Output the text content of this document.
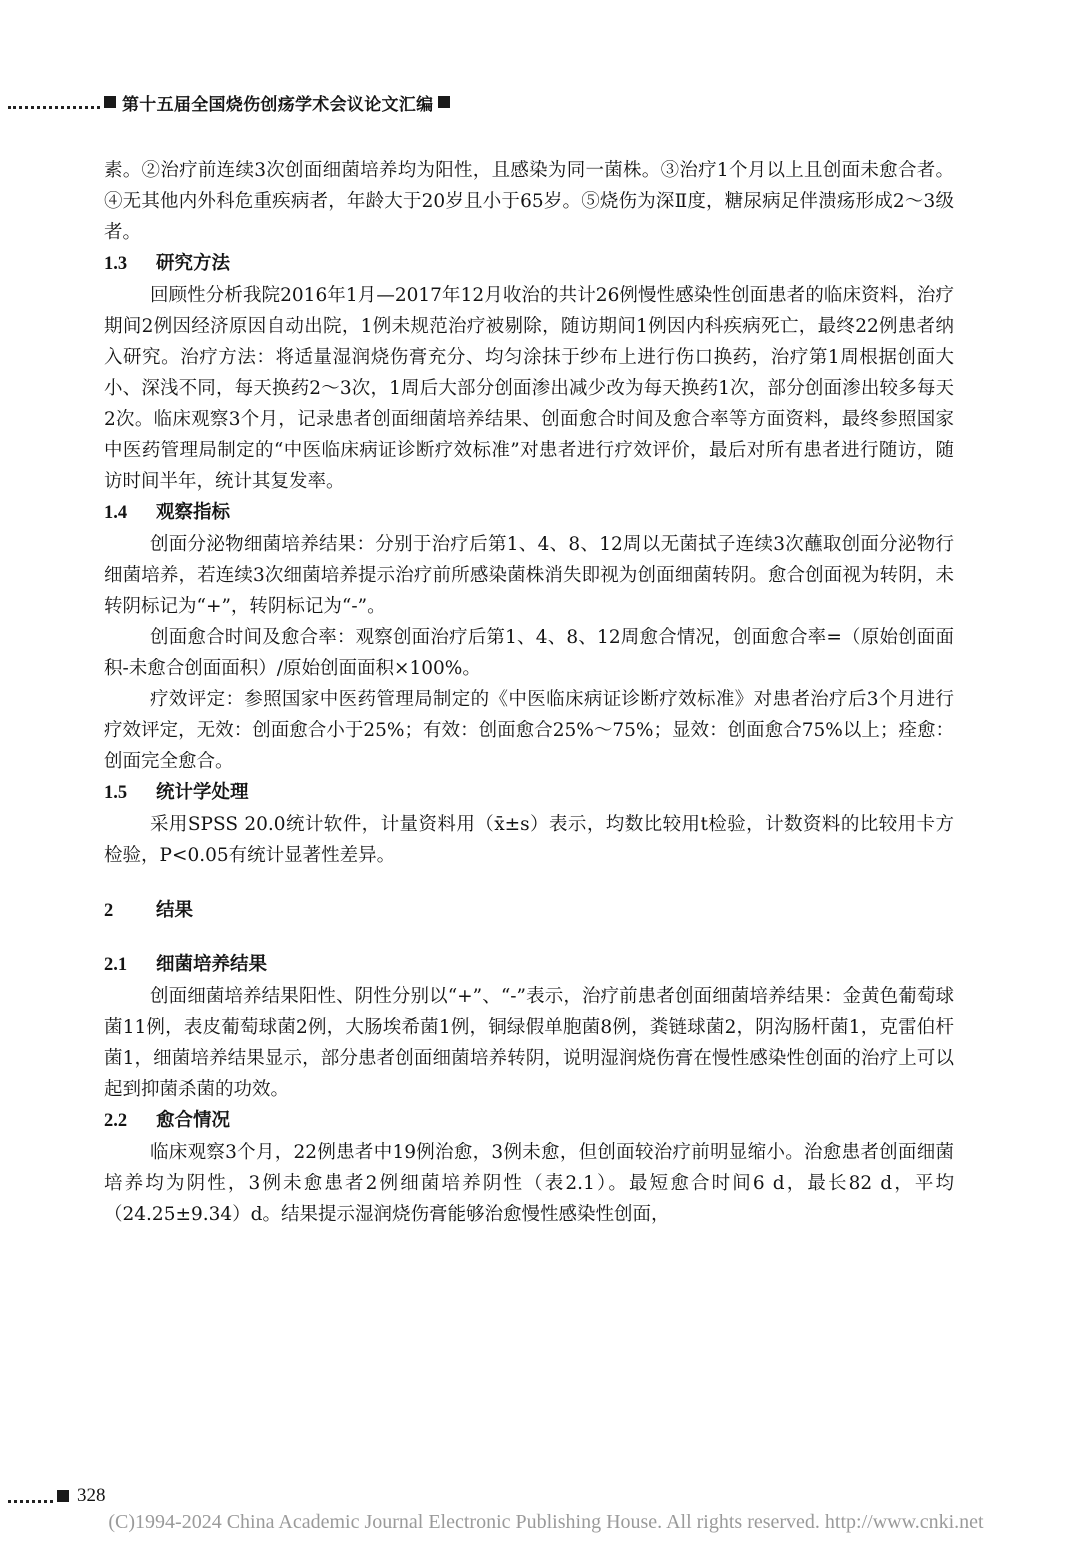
第十五届全国烧伤创疡学术会议论文汇编

素。②治疗前连续3次创面细菌培养均为阳性，且感染为同一菌株。③治疗1个月以上且创面未愈合者。④无其他内外科危重疾病者，年龄大于20岁且小于65岁。⑤烧伤为深Ⅱ度，糖尿病足伴溃疡形成2～3级者。

1.3 研究方法

回顾性分析我院2016年1月—2017年12月收治的共计26例慢性感染性创面患者的临床资料，治疗期间2例因经济原因自动出院，1例未规范治疗被剔除，随访期间1例因内科疾病死亡，最终22例患者纳入研究。治疗方法：将适量湿润烧伤膏充分、均匀涂抹于纱布上进行伤口换药，治疗第1周根据创面大小、深浅不同，每天换药2～3次，1周后大部分创面渗出减少改为每天换药1次，部分创面渗出较多每天2次。临床观察3个月，记录患者创面细菌培养结果、创面愈合时间及愈合率等方面资料，最终参照国家中医药管理局制定的“中医临床病证诊断疗效标准”对患者进行疗效评价，最后对所有患者进行随访，随访时间半年，统计其复发率。

1.4 观察指标

创面分泌物细菌培养结果：分别于治疗后第1、4、8、12周以无菌拭子连续3次蘸取创面分泌物行细菌培养，若连续3次细菌培养提示治疗前所感染菌株消失即视为创面细菌转阴。愈合创面视为转阴，未转阴标记为“+”，转阴标记为“-”。

创面愈合时间及愈合率：观察创面治疗后第1、4、8、12周愈合情况，创面愈合率=（原始创面面积-未愈合创面面积）/原始创面面积×100%。

疗效评定：参照国家中医药管理局制定的《中医临床病证诊断疗效标准》对患者治疗后3个月进行疗效评定，无效：创面愈合小于25%；有效：创面愈合25%～75%；显效：创面愈合75%以上；痊愈：创面完全愈合。

1.5 统计学处理

采用SPSS 20.0统计软件，计量资料用（x̄±s）表示，均数比较用t检验，计数资料的比较用卡方检验，P<0.05有统计显著性差异。

2 结果

2.1 细菌培养结果

创面细菌培养结果阳性、阴性分别以“+”、“-”表示，治疗前患者创面细菌培养结果：金黄色葡萄球菌11例，表皮葡萄球菌2例，大肠埃希菌1例，铜绿假单胞菌8例，粪链球菌2，阴沟肠杆菌1，克雷伯杆菌1，细菌培养结果显示，部分患者创面细菌培养转阴，说明湿润烧伤膏在慢性感染性创面的治疗上可以起到抑菌杀菌的功效。

2.2 愈合情况

临床观察3个月，22例患者中19例治愈，3例未愈，但创面较治疗前明显缩小。治愈患者创面细菌培养均为阴性，3例未愈患者2例细菌培养阴性（表2.1）。最短愈合时间6 d，最长82 d，平均（24.25±9.34）d。结果提示湿润烧伤膏能够治愈慢性感染性创面，

328
(C)1994-2024 China Academic Journal Electronic Publishing House. All rights reserved. http://www.cnki.net
